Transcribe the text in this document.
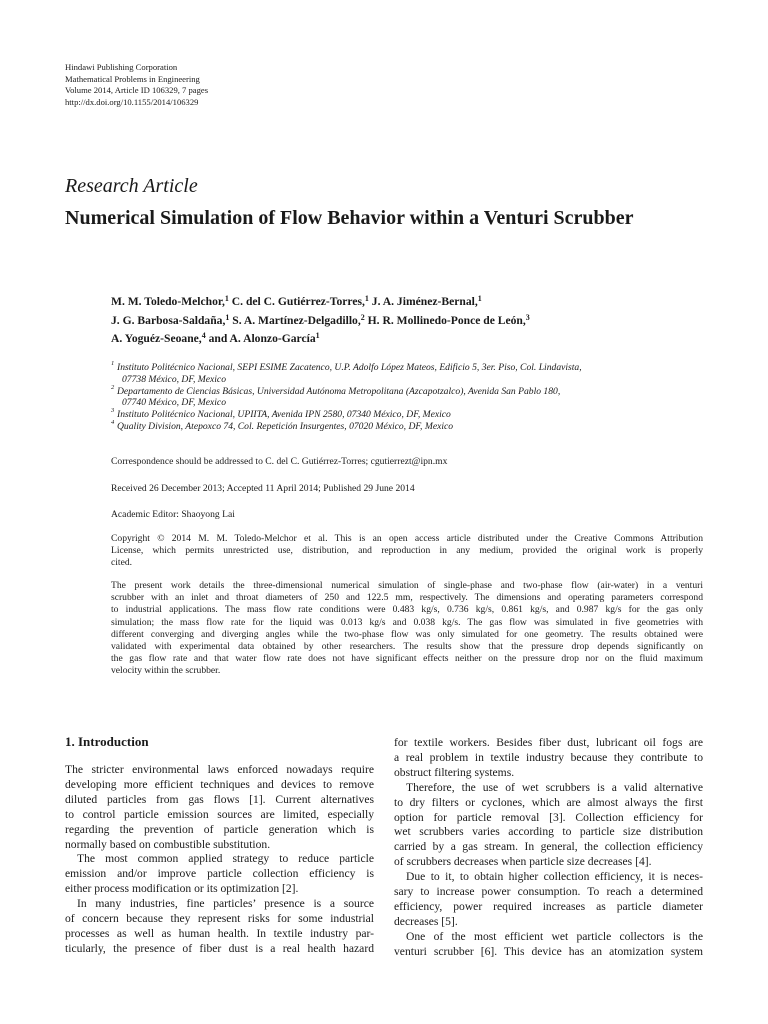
Hindawi Publishing Corporation
Mathematical Problems in Engineering
Volume 2014, Article ID 106329, 7 pages
http://dx.doi.org/10.1155/2014/106329
Research Article
Numerical Simulation of Flow Behavior within a Venturi Scrubber
M. M. Toledo-Melchor,$^1$ C. del C. Gutiérrez-Torres,$^1$ J. A. Jiménez-Bernal,$^1$
J. G. Barbosa-Saldaña,$^1$ S. A. Martínez-Delgadillo,$^2$ H. R. Mollinedo-Ponce de León,$^3$
A. Yoguéz-Seoane,$^4$ and A. Alonzo-García$^1$
1 Instituto Politécnico Nacional, SEPI ESIME Zacatenco, U.P. Adolfo López Mateos, Edificio 5, 3er. Piso, Col. Lindavista,
07738 México, DF, Mexico
2 Departamento de Ciencias Básicas, Universidad Autónoma Metropolitana (Azcapotzalco), Avenida San Pablo 180,
07740 México, DF, Mexico
3 Instituto Politécnico Nacional, UPIITA, Avenida IPN 2580, 07340 México, DF, Mexico
4 Quality Division, Atepoxco 74, Col. Repetición Insurgentes, 07020 México, DF, Mexico
Correspondence should be addressed to C. del C. Gutiérrez-Torres; cgutierrezt@ipn.mx
Received 26 December 2013; Accepted 11 April 2014; Published 29 June 2014
Academic Editor: Shaoyong Lai
Copyright © 2014 M. M. Toledo-Melchor et al. This is an open access article distributed under the Creative Commons Attribution
License, which permits unrestricted use, distribution, and reproduction in any medium, provided the original work is properly
cited.
The present work details the three-dimensional numerical simulation of single-phase and two-phase flow (air-water) in a venturi
scrubber with an inlet and throat diameters of 250 and 122.5 mm, respectively. The dimensions and operating parameters correspond
to industrial applications. The mass flow rate conditions were 0.483 kg/s, 0.736 kg/s, 0.861 kg/s, and 0.987 kg/s for the gas only
simulation; the mass flow rate for the liquid was 0.013 kg/s and 0.038 kg/s. The gas flow was simulated in five geometries with
different converging and diverging angles while the two-phase flow was only simulated for one geometry. The results obtained were
validated with experimental data obtained by other researchers. The results show that the pressure drop depends significantly on
the gas flow rate and that water flow rate does not have significant effects neither on the pressure drop nor on the fluid maximum
velocity within the scrubber.
1. Introduction
The stricter environmental laws enforced nowadays require
developing more efficient techniques and devices to remove
diluted particles from gas flows [1]. Current alternatives
to control particle emission sources are limited, especially
regarding the prevention of particle generation which is
normally based on combustible substitution.
The most common applied strategy to reduce particle
emission and/or improve particle collection efficiency is
either process modification or its optimization [2].
In many industries, fine particles’ presence is a source
of concern because they represent risks for some industrial
processes as well as human health. In textile industry par-
ticularly, the presence of fiber dust is a real health hazard
for textile workers. Besides fiber dust, lubricant oil fogs are
a real problem in textile industry because they contribute to
obstruct filtering systems.
Therefore, the use of wet scrubbers is a valid alternative
to dry filters or cyclones, which are almost always the first
option for particle removal [3]. Collection efficiency for
wet scrubbers varies according to particle size distribution
carried by a gas stream. In general, the collection efficiency
of scrubbers decreases when particle size decreases [4].
Due to it, to obtain higher collection efficiency, it is neces-
sary to increase power consumption. To reach a determined
efficiency, power required increases as particle diameter
decreases [5].
One of the most efficient wet particle collectors is the
venturi scrubber [6]. This device has an atomization system
